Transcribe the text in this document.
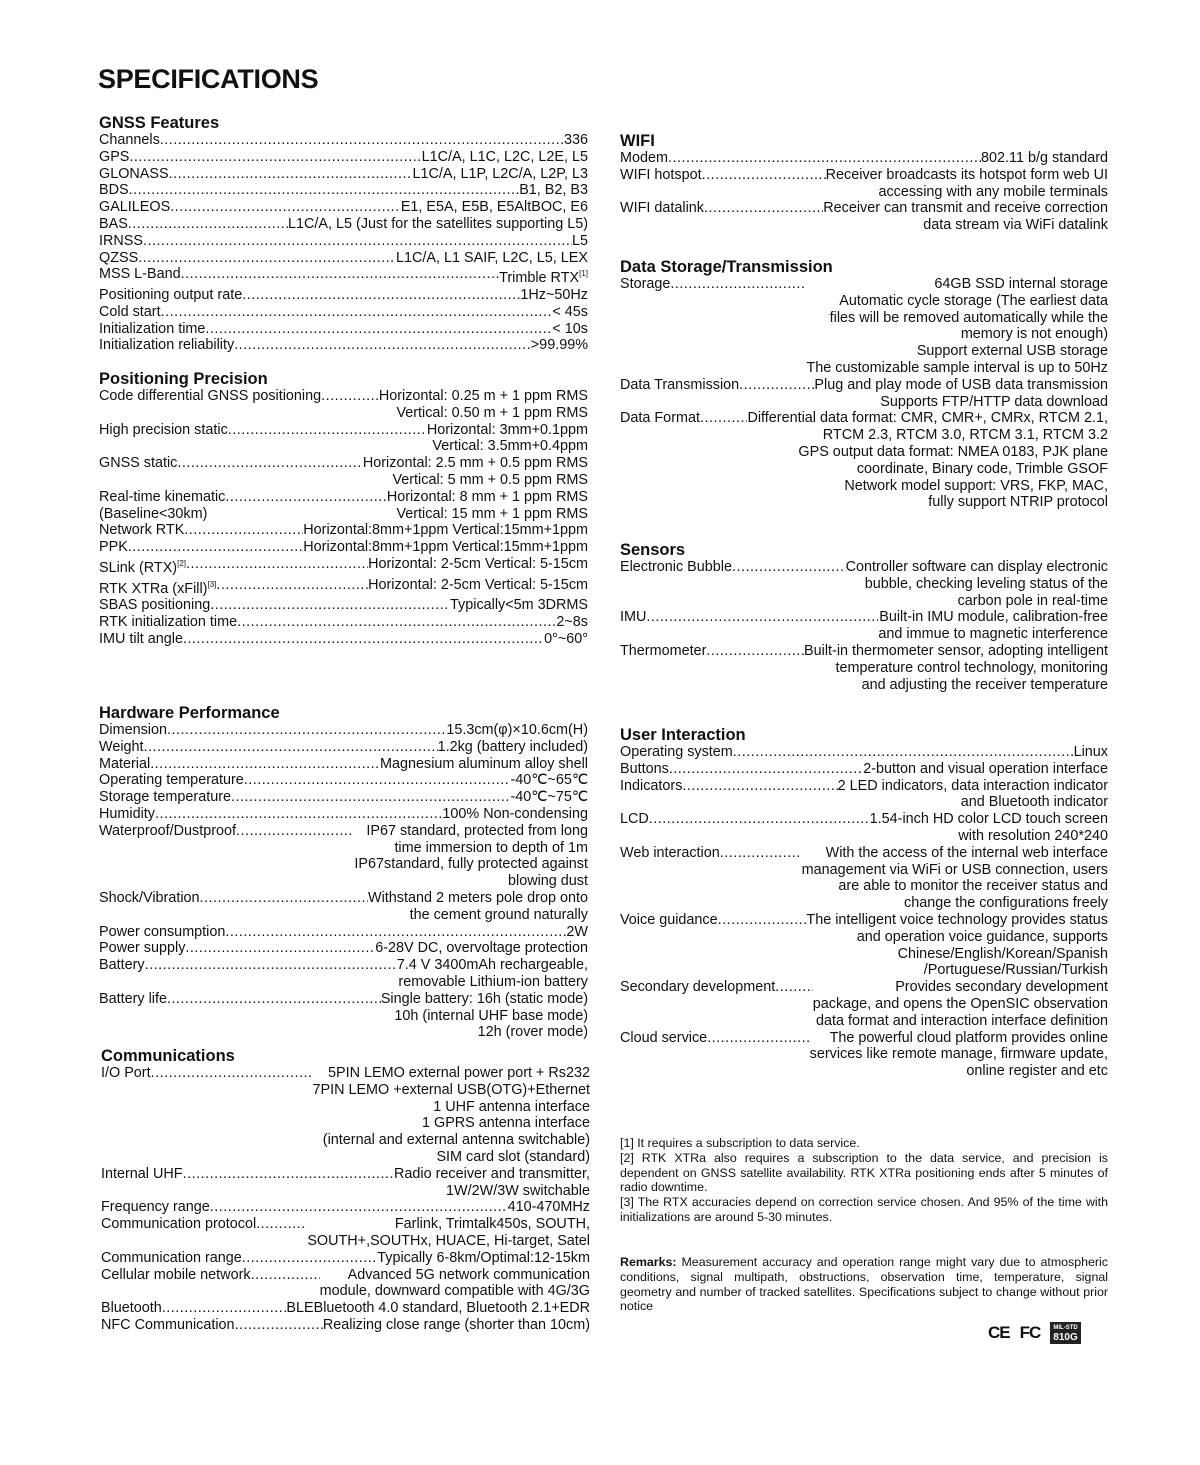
SPECIFICATIONS
GNSS Features
Channels .....	336
GPS .....	L1C/A, L1C, L2C, L2E, L5
GLONASS .....	L1C/A, L1P, L2C/A, L2P, L3
BDS .....	B1, B2, B3
GALILEOS .....	E1, E5A, E5B, E5AltBOC, E6
BAS .....	L1C/A, L5 (Just for the satellites supporting L5)
IRNSS .....	L5
QZSS .....	L1C/A, L1 SAIF, L2C, L5, LEX
MSS L-Band .....	Trimble RTX[1]
Positioning output rate .....	1Hz~50Hz
Cold start .....	< 45s
Initialization time .....	< 10s
Initialization reliability .....	>99.99%
Positioning Precision
Code differential GNSS positioning .....	Horizontal: 0.25 m + 1 ppm RMS
Vertical: 0.50 m + 1 ppm RMS
High precision static .....	Horizontal: 3mm+0.1ppm
Vertical: 3.5mm+0.4ppm
GNSS static .....	Horizontal: 2.5 mm + 0.5 ppm RMS
Vertical: 5 mm + 0.5 ppm RMS
Real-time kinematic .....	Horizontal: 8 mm + 1 ppm RMS
(Baseline<30km)	Vertical: 15 mm + 1 ppm RMS
Network RTK .....	Horizontal:8mm+1ppm Vertical:15mm+1ppm
PPK .....	Horizontal:8mm+1ppm Vertical:15mm+1ppm
SLink (RTX)[2] .....	Horizontal: 2-5cm Vertical: 5-15cm
RTK XTRa (xFill)[3] .....	Horizontal: 2-5cm Vertical: 5-15cm
SBAS positioning .....	Typically<5m 3DRMS
RTK initialization time .....	2~8s
IMU tilt angle .....	0°~60°
Hardware Performance
Dimension .....	15.3cm(φ)×10.6cm(H)
Weight .....	1.2kg (battery included)
Material .....	Magnesium aluminum alloy shell
Operating temperature .....	-40℃~65℃
Storage temperature .....	-40℃~75℃
Humidity .....	100% Non-condensing
Waterproof/Dustproof .....	IP67 standard, protected from long
time immersion to depth of 1m
IP67standard, fully protected against
blowing dust
Shock/Vibration .....	Withstand 2 meters pole drop onto
the cement ground naturally
Power consumption .....	2W
Power supply .....	6-28V DC, overvoltage protection
Battery .....	7.4 V 3400mAh rechargeable,
removable Lithium-ion battery
Battery life .....	Single battery: 16h (static mode)
10h (internal UHF base mode)
12h (rover mode)
Communications
I/O Port .....	5PIN LEMO external power port + Rs232
7PIN LEMO +external USB(OTG)+Ethernet
1 UHF antenna interface
1 GPRS antenna interface
(internal and external antenna switchable)
SIM card slot (standard)
Internal UHF .....	Radio receiver and transmitter,
1W/2W/3W switchable
Frequency range .....	410-470MHz
Communication protocol .....	Farlink, Trimtalk450s, SOUTH,
SOUTH+,SOUTHx, HUACE, Hi-target, Satel
Communication range .....	Typically 6-8km/Optimal:12-15km
Cellular mobile network .....	Advanced 5G network communication
module, downward compatible with 4G/3G
Bluetooth .....	BLEBluetooth 4.0 standard, Bluetooth 2.1+EDR
NFC Communication .....	Realizing close range (shorter than 10cm)
WIFI
Modem .....	802.11 b/g standard
WIFI hotspot .....	Receiver broadcasts its hotspot form web UI
accessing with any mobile terminals
WIFI datalink .....	Receiver can transmit and receive correction
data stream via WiFi datalink
Data Storage/Transmission
Storage .....	64GB SSD internal storage
Automatic cycle storage (The earliest data
files will be removed automatically while the
memory is not enough)
Support external USB storage
The customizable sample interval is up to 50Hz
Data Transmission .....	Plug and play mode of USB data transmission
Supports FTP/HTTP data download
Data Format .....	Differential data format: CMR, CMR+, CMRx, RTCM 2.1,
RTCM 2.3, RTCM 3.0, RTCM 3.1, RTCM 3.2
GPS output data format: NMEA 0183, PJK plane
coordinate, Binary code, Trimble GSOF
Network model support: VRS, FKP, MAC,
fully support NTRIP protocol
Sensors
Electronic Bubble .....	Controller software can display electronic
bubble, checking leveling status of the
carbon pole in real-time
IMU .....	Built-in IMU module, calibration-free
and immue to magnetic interference
Thermometer .....	Built-in thermometer sensor, adopting intelligent
temperature control technology, monitoring
and adjusting the receiver temperature
User Interaction
Operating system .....	Linux
Buttons .....	2-button and visual operation interface
Indicators .....	2 LED indicators, data interaction indicator
and Bluetooth indicator
LCD .....	1.54-inch HD color LCD touch screen
with resolution 240*240
Web interaction .....	With the access of the internal web interface
management via WiFi or USB connection, users
are able to monitor the receiver status and
change the configurations freely
Voice guidance .....	The intelligent voice technology provides status
and operation voice guidance, supports
Chinese/English/Korean/Spanish
/Portuguese/Russian/Turkish
Secondary development .....	Provides secondary development
package, and opens the OpenSIC observation
data format and interaction interface definition
Cloud service .....	The powerful cloud platform provides online
services like remote manage, firmware update,
online register and etc

[1] It requires a subscription to data service.

[2] RTK XTRa also requires a subscription to the data service, and precision is dependent on GNSS satellite availability. RTK XTRa positioning ends after 5 minutes of radio downtime.

[3] The RTX accuracies depend on correction service chosen. And 95% of the time with initializations are around 5-30 minutes.

Remarks: Measurement accuracy and operation range might vary due to atmospheric conditions, signal multipath, obstructions, observation time, temperature, signal geometry and number of tracked satellites. Specifications subject to change without prior notice

CE FC MIL-STD
810G
